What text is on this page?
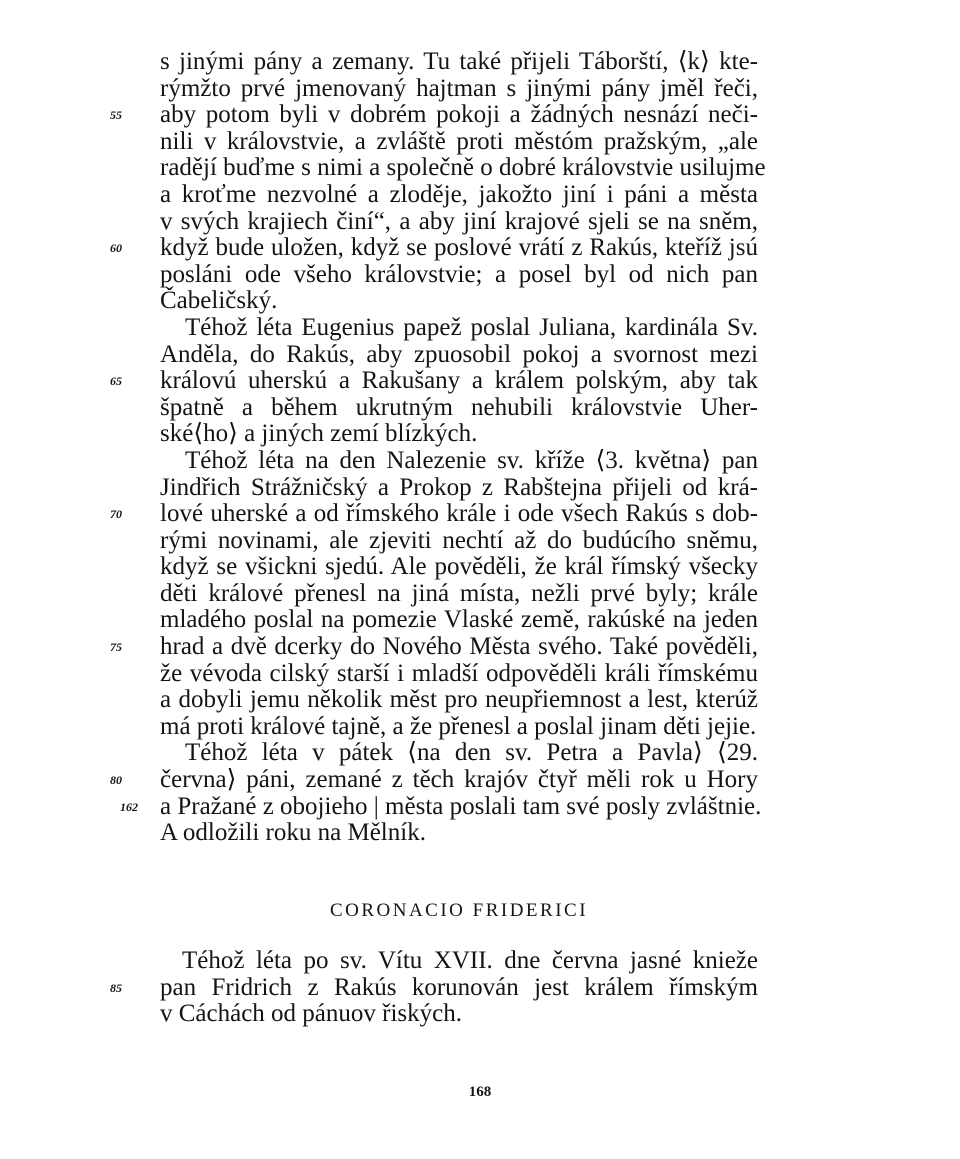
s jinými pány a zemany. Tu také přijeli Táborští, ⟨k⟩ kte-
rýmžto prvé jmenovaný hajtman s jinými pány jměl řeči,
55	aby potom byli v dobrém pokoji a žádných nesnází neči-
nili v královstvie, a zvláště proti městóm pražským, „ale
radějí buďme s nimi a společně o dobré královstvie usilujme
a kroťme nezvolné a zloděje, jakožto jiní i páni a města
v svých krajiech činí“, a aby jiní krajové sjeli se na sněm,
60	když bude uložen, když se poslové vrátí z Rakús, kteříž jsú
posláni ode všeho královstvie; a posel byl od nich pan
Čabeličský.
Téhož léta Eugenius papež poslal Juliana, kardinála Sv.
Anděla, do Rakús, aby zpuosobil pokoj a svornost mezi
65	královú uherskú a Rakušany a králem polským, aby tak
špatně a během ukrutným nehubili královstvie Uher-
ské⟨ho⟩ a jiných zemí blízkých.
Téhož léta na den Nalezenie sv. kříže ⟨3. května⟩ pan
Jindřich Strážničský a Prokop z Rabštejna přijeli od krá-
70	lové uherské a od římského krále i ode všech Rakús s dob-
rými novinami, ale zjeviti nechtí až do budúcího sněmu,
když se všickni sjedú. Ale pověděli, že král římský všecky
děti králové přenesl na jiná místa, nežli prvé byly; krále
mladého poslal na pomezie Vlaské země, rakúské na jeden
75	hrad a dvě dcerky do Nového Města svého. Také pověděli,
že vévoda cilský starší i mladší odpověděli králi římskému
a dobyli jemu několik měst pro neupřiemnost a lest, kterúž
má proti králové tajně, a že přenesl a poslal jinam děti jejie.
Téhož léta v pátek ⟨na den sv. Petra a Pavla⟩ ⟨29.
80	června⟩ páni, zemané z těch krajóv čtyř měli rok u Hory
162 a Pražané z obojieho | města poslali tam své posly zvláštnie.
A odložili roku na Mělník.
CORONACIO FRIDERICI
Téhož léta po sv. Vítu XVII. dne června jasné knieže
85	pan Fridrich z Rakús korunován jest králem římským
v Cáchách od pánuov řiských.
168
